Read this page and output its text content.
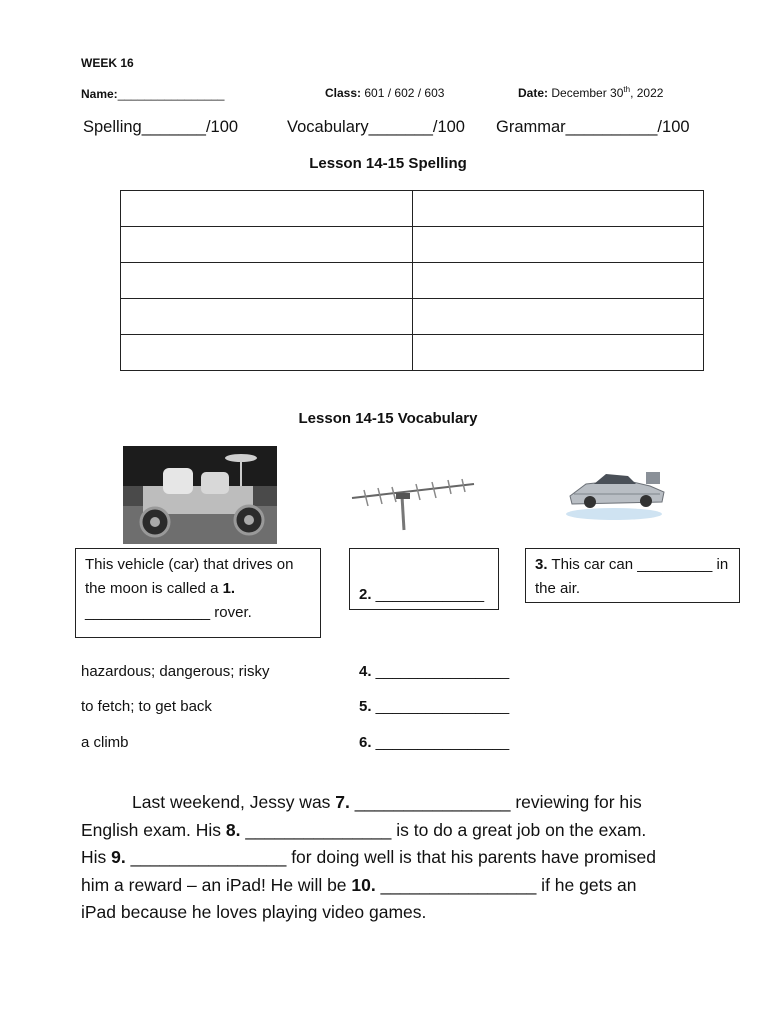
WEEK 16
Name:________________	Class: 601 / 602 / 603	Date: December 30th, 2022
Spelling_______/100	Vocabulary_______/100 Grammar__________/100
Lesson 14-15 Spelling

Lesson 14-15 Vocabulary
This vehicle (car) that drives on the moon is called a 1. _______________ rover.
2. _____________
3. This car can _________ in the air.
hazardous; dangerous; risky	4. ________________
to fetch; to get back	5. ________________
a climb	6. ________________
Last weekend, Jessy was 7. ________________ reviewing for his
English exam. His 8. _______________ is to do a great job on the exam.
His 9. ________________ for doing well is that his parents have promised
him a reward – an iPad! He will be 10. ________________ if he gets an
iPad because he loves playing video games.
